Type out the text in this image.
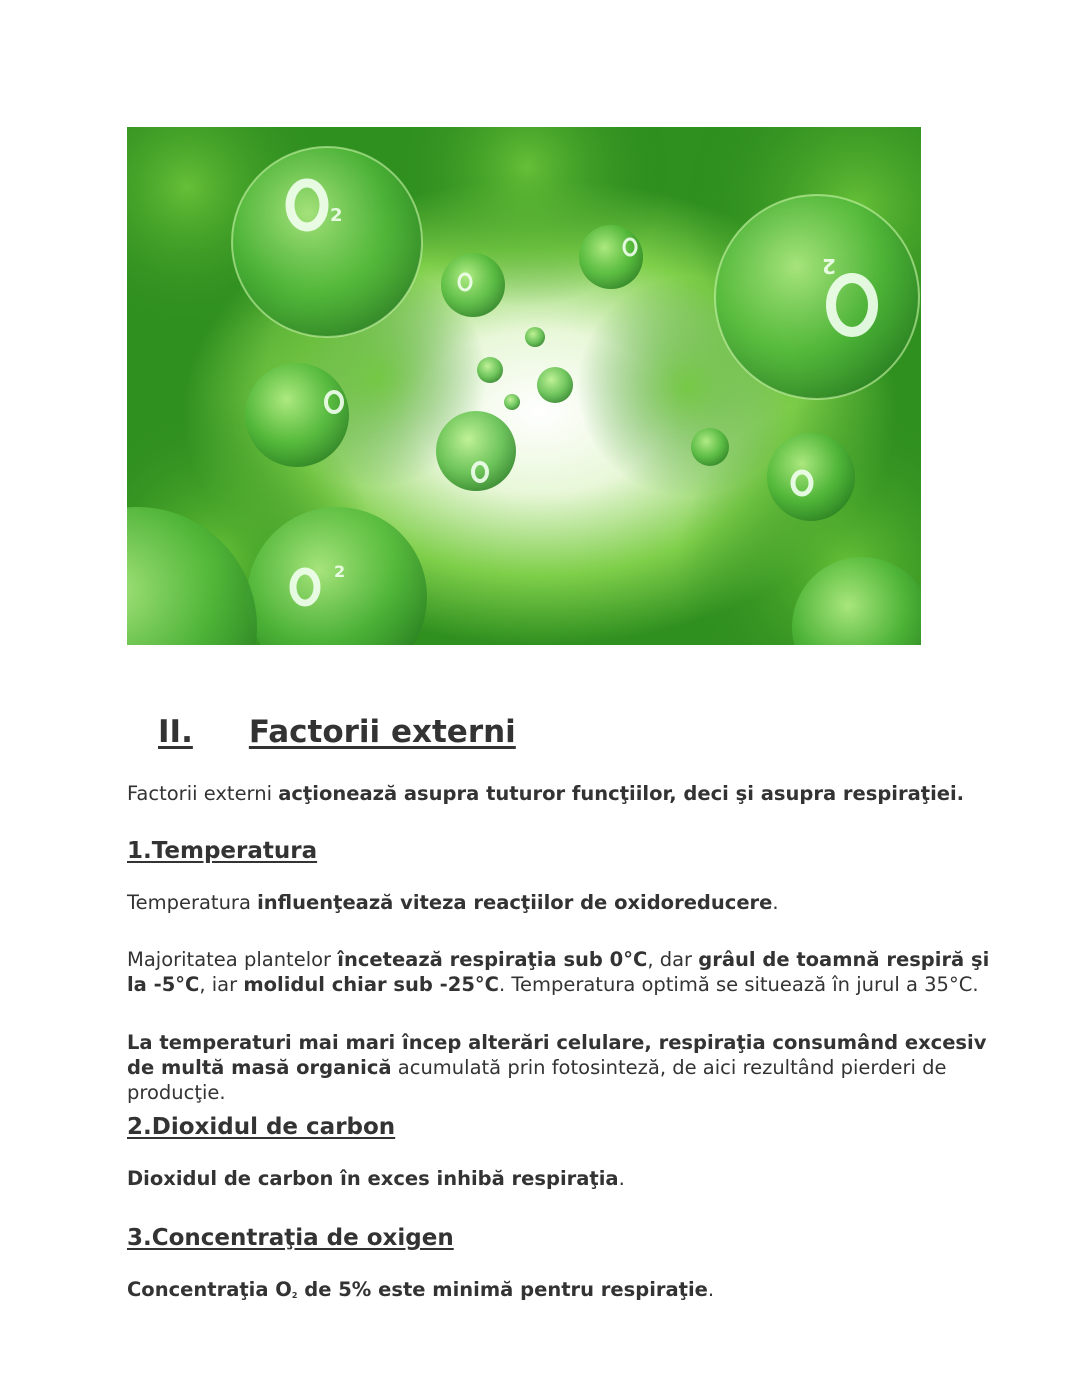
2
2
2
II. Factorii externi

Factorii externi acţionează asupra tuturor funcţiilor, deci şi asupra respiraţiei.

1.Temperatura

Temperatura influenţează viteza reacţiilor de oxidoreducere.

Majoritatea plantelor încetează respiraţia sub 0°C, dar grâul de toamnă respiră şi la -5°C, iar molidul chiar sub -25°C. Temperatura optimă se situează în jurul a 35°C.

La temperaturi mai mari încep alterări celulare, respiraţia consumând excesiv de multă masă organică acumulată prin fotosinteză, de aici rezultând pierderi de producţie.

2.Dioxidul de carbon

Dioxidul de carbon în exces inhibă respiraţia.

3.Concentraţia de oxigen

Concentraţia $O_2$ de 5% este minimă pentru respiraţie.
